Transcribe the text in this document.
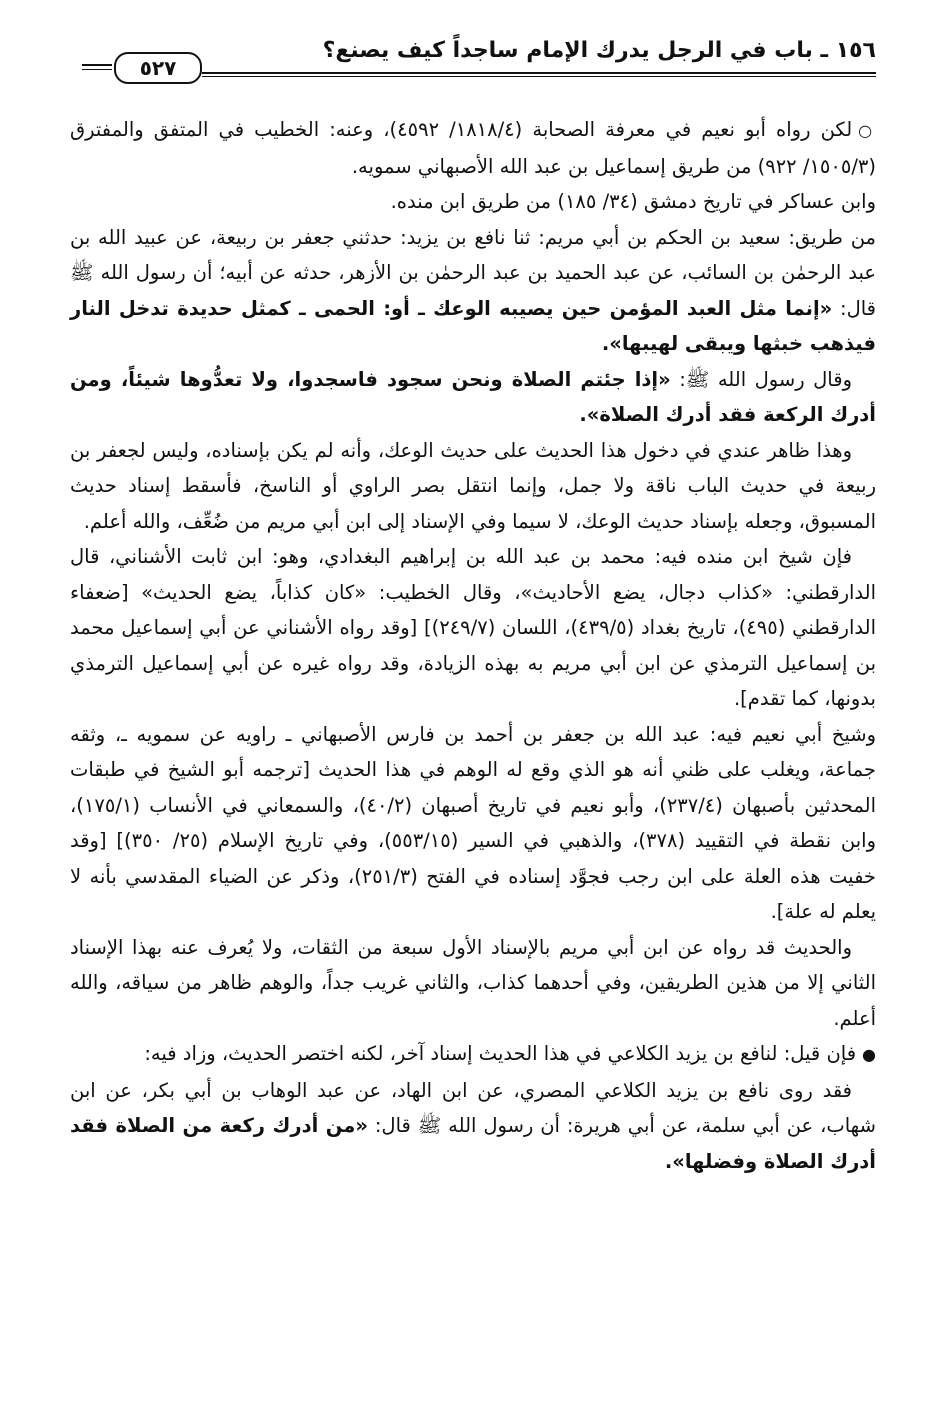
١٥٦ ـ باب في الرجل يدرك الإمام ساجداً كيف يصنع؟
٥٢٧

○لكن رواه أبو نعيم في معرفة الصحابة (١٨١٨/٤/ ٤٥٩٢)، وعنه: الخطيب في المتفق والمفترق (١٥٠٥/٣/ ٩٢٢) من طريق إسماعيل بن عبد الله الأصبهاني سمويه.

وابن عساكر في تاريخ دمشق (٣٤/ ١٨٥) من طريق ابن منده.

من طريق: سعيد بن الحكم بن أبي مريم: ثنا نافع بن يزيد: حدثني جعفر بن ربيعة، عن عبيد الله بن عبد الرحمٰن بن السائب، عن عبد الحميد بن عبد الرحمٰن بن الأزهر، حدثه عن أبيه؛ أن رسول الله ﷺ قال: «إنما مثل العبد المؤمن حين يصيبه الوعك ـ أو: الحمى ـ كمثل حديدة تدخل النار فيذهب خبثها ويبقى لهيبها».

وقال رسول الله ﷺ: «إذا جئتم الصلاة ونحن سجود فاسجدوا، ولا تعدُّوها شيئاً، ومن أدرك الركعة فقد أدرك الصلاة».

وهذا ظاهر عندي في دخول هذا الحديث على حديث الوعك، وأنه لم يكن بإسناده، وليس لجعفر بن ربيعة في حديث الباب ناقة ولا جمل، وإنما انتقل بصر الراوي أو الناسخ، فأسقط إسناد حديث المسبوق، وجعله بإسناد حديث الوعك، لا سيما وفي الإسناد إلى ابن أبي مريم من ضُعِّف، والله أعلم.

فإن شيخ ابن منده فيه: محمد بن عبد الله بن إبراهيم البغدادي، وهو: ابن ثابت الأشناني، قال الدارقطني: «كذاب دجال، يضع الأحاديث»، وقال الخطيب: «كان كذاباً، يضع الحديث» [ضعفاء الدارقطني (٤٩٥)، تاريخ بغداد (٤٣٩/٥)، اللسان (٢٤٩/٧)] [وقد رواه الأشناني عن أبي إسماعيل محمد بن إسماعيل الترمذي عن ابن أبي مريم به بهذه الزيادة، وقد رواه غيره عن أبي إسماعيل الترمذي بدونها، كما تقدم].

وشيخ أبي نعيم فيه: عبد الله بن جعفر بن أحمد بن فارس الأصبهاني ـ راويه عن سمويه ـ، وثقه جماعة، ويغلب على ظني أنه هو الذي وقع له الوهم في هذا الحديث [ترجمه أبو الشيخ في طبقات المحدثين بأصبهان (٢٣٧/٤)، وأبو نعيم في تاريخ أصبهان (٤٠/٢)، والسمعاني في الأنساب (١٧٥/١)، وابن نقطة في التقييد (٣٧٨)، والذهبي في السير (٥٥٣/١٥)، وفي تاريخ الإسلام (٢٥/ ٣٥٠)] [وقد خفيت هذه العلة على ابن رجب فجوَّد إسناده في الفتح (٢٥١/٣)، وذكر عن الضياء المقدسي بأنه لا يعلم له علة].

والحديث قد رواه عن ابن أبي مريم بالإسناد الأول سبعة من الثقات، ولا يُعرف عنه بهذا الإسناد الثاني إلا من هذين الطريقين، وفي أحدهما كذاب، والثاني غريب جداً، والوهم ظاهر من سياقه، والله أعلم.

●فإن قيل: لنافع بن يزيد الكلاعي في هذا الحديث إسناد آخر، لكنه اختصر الحديث، وزاد فيه:

فقد روى نافع بن يزيد الكلاعي المصري، عن ابن الهاد، عن عبد الوهاب بن أبي بكر، عن ابن شهاب، عن أبي سلمة، عن أبي هريرة: أن رسول الله ﷺ قال: «من أدرك ركعة من الصلاة فقد أدرك الصلاة وفضلها».
